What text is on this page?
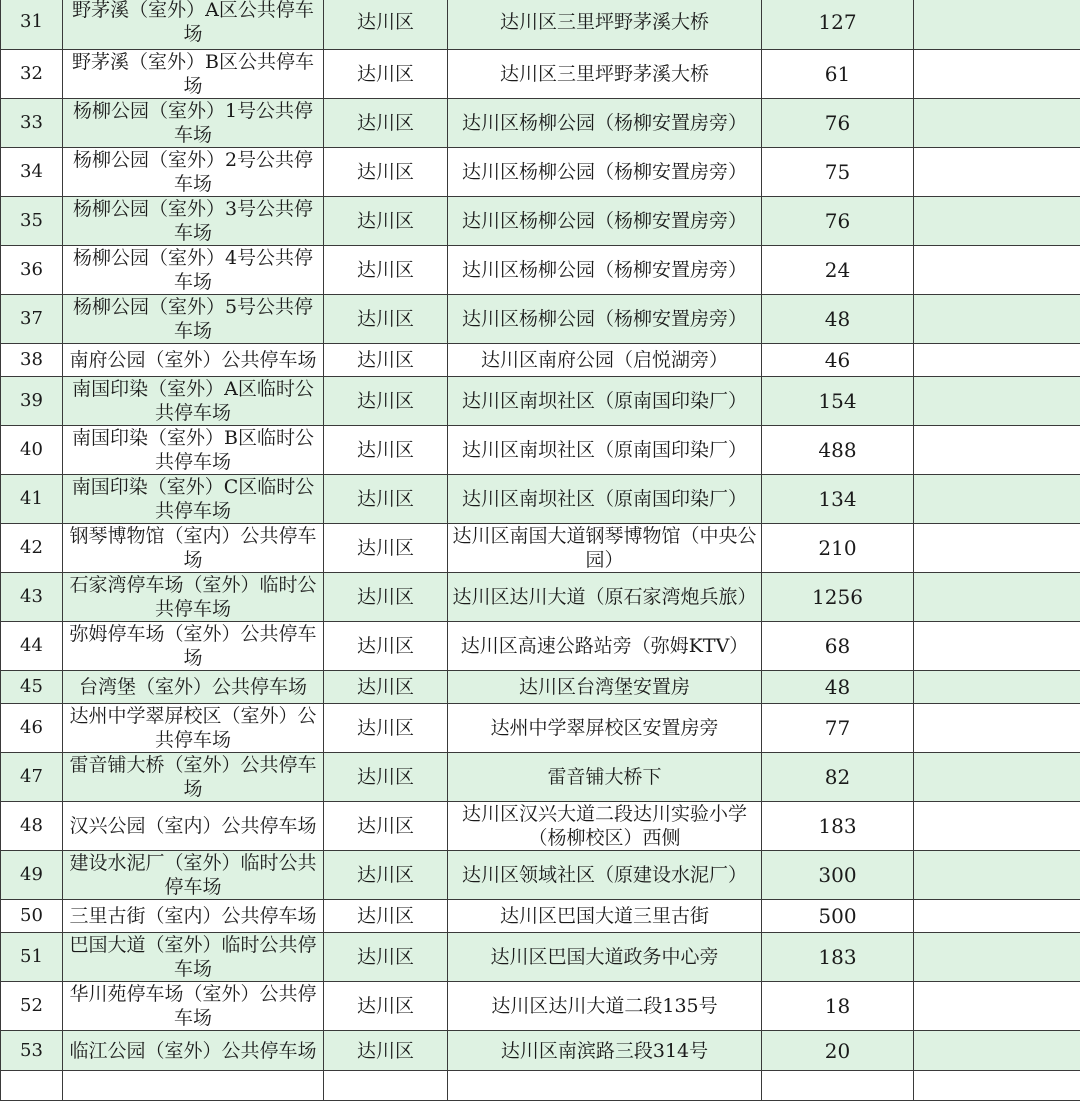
31	野茅溪（室外）A区公共停车场	达川区	达川区三里坪野茅溪大桥	127	
32	野茅溪（室外）B区公共停车场	达川区	达川区三里坪野茅溪大桥	61	
33	杨柳公园（室外）1号公共停车场	达川区	达川区杨柳公园（杨柳安置房旁）	76	
34	杨柳公园（室外）2号公共停车场	达川区	达川区杨柳公园（杨柳安置房旁）	75	
35	杨柳公园（室外）3号公共停车场	达川区	达川区杨柳公园（杨柳安置房旁）	76	
36	杨柳公园（室外）4号公共停车场	达川区	达川区杨柳公园（杨柳安置房旁）	24	
37	杨柳公园（室外）5号公共停车场	达川区	达川区杨柳公园（杨柳安置房旁）	48	
38	南府公园（室外）公共停车场	达川区	达川区南府公园（启悦湖旁）	46	
39	南国印染（室外）A区临时公共停车场	达川区	达川区南坝社区（原南国印染厂）	154	
40	南国印染（室外）B区临时公共停车场	达川区	达川区南坝社区（原南国印染厂）	488	
41	南国印染（室外）C区临时公共停车场	达川区	达川区南坝社区（原南国印染厂）	134	
42	钢琴博物馆（室内）公共停车场	达川区	达川区南国大道钢琴博物馆（中央公园）	210	
43	石家湾停车场（室外）临时公共停车场	达川区	达川区达川大道（原石家湾炮兵旅）	1256	
44	弥姆停车场（室外）公共停车场	达川区	达川区高速公路站旁（弥姆KTV）	68	
45	台湾堡（室外）公共停车场	达川区	达川区台湾堡安置房	48	
46	达州中学翠屏校区（室外）公共停车场	达川区	达州中学翠屏校区安置房旁	77	
47	雷音铺大桥（室外）公共停车场	达川区	雷音铺大桥下	82	
48	汉兴公园（室内）公共停车场	达川区	达川区汉兴大道二段达川实验小学（杨柳校区）西侧	183	
49	建设水泥厂（室外）临时公共停车场	达川区	达川区领域社区（原建设水泥厂）	300	
50	三里古街（室内）公共停车场	达川区	达川区巴国大道三里古街	500	
51	巴国大道（室外）临时公共停车场	达川区	达川区巴国大道政务中心旁	183	
52	华川苑停车场（室外）公共停车场	达川区	达川区达川大道二段135号	18	
53	临江公园（室外）公共停车场	达川区	达川区南滨路三段314号	20	
